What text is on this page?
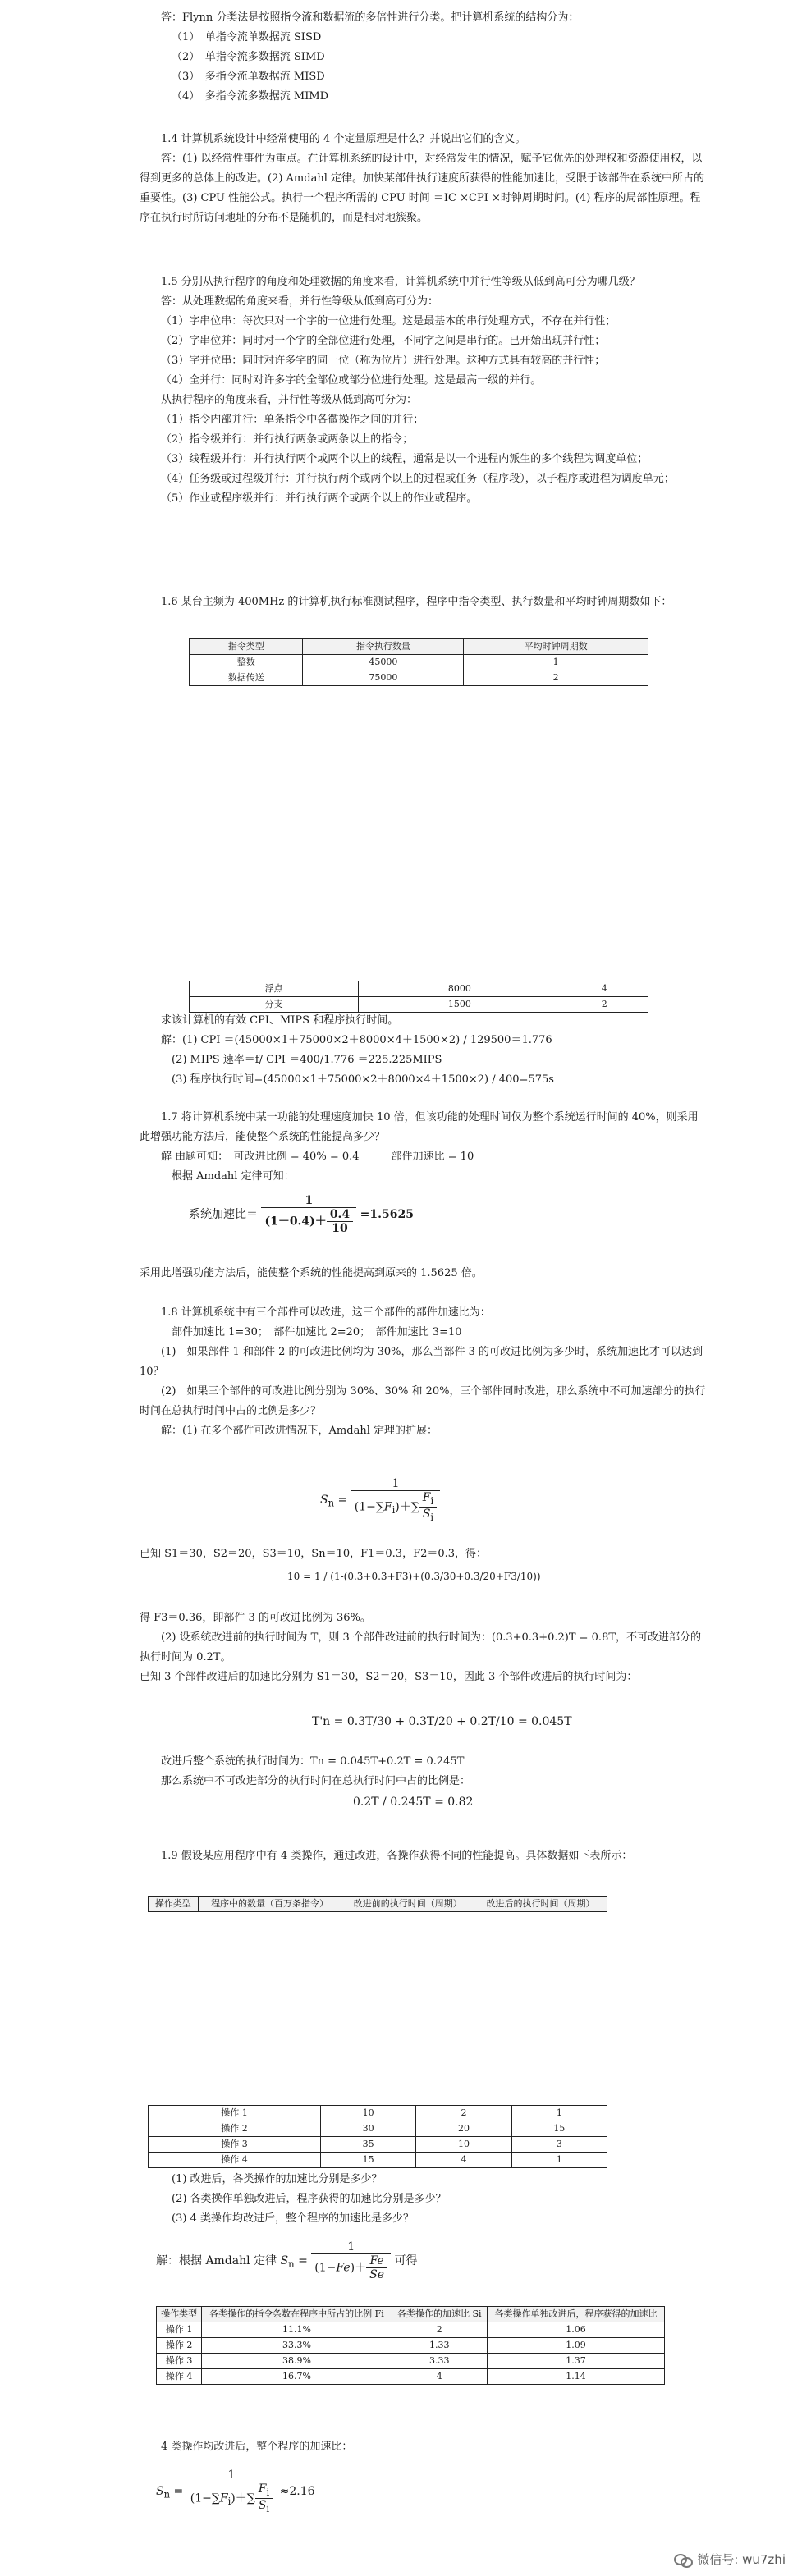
答：Flynn 分类法是按照指令流和数据流的多倍性进行分类。把计算机系统的结构分为：

（1）　单指令流单数据流 SISD

（2）　单指令流多数据流 SIMD

（3）　多指令流单数据流 MISD

（4）　多指令流多数据流 MIMD

1.4 计算机系统设计中经常使用的 4 个定量原理是什么？并说出它们的含义。

答：(1) 以经常性事件为重点。在计算机系统的设计中，对经常发生的情况，赋予它优先的处理权和资源使用权，以得到更多的总体上的改进。(2) Amdahl 定律。加快某部件执行速度所获得的性能加速比，受限于该部件在系统中所占的重要性。(3) CPU 性能公式。执行一个程序所需的 CPU 时间 ＝IC ×CPI ×时钟周期时间。(4) 程序的局部性原理。程序在执行时所访问地址的分布不是随机的，而是相对地簇聚。

1.5 分别从执行程序的角度和处理数据的角度来看，计算机系统中并行性等级从低到高可分为哪几级？

答：从处理数据的角度来看，并行性等级从低到高可分为：

（1）字串位串：每次只对一个字的一位进行处理。这是最基本的串行处理方式，不存在并行性；

（2）字串位并：同时对一个字的全部位进行处理，不同字之间是串行的。已开始出现并行性；

（3）字并位串：同时对许多字的同一位（称为位片）进行处理。这种方式具有较高的并行性；

（4）全并行：同时对许多字的全部位或部分位进行处理。这是最高一级的并行。

从执行程序的角度来看，并行性等级从低到高可分为：

（1）指令内部并行：单条指令中各微操作之间的并行；

（2）指令级并行：并行执行两条或两条以上的指令；

（3）线程级并行：并行执行两个或两个以上的线程，通常是以一个进程内派生的多个线程为调度单位；

（4）任务级或过程级并行：并行执行两个或两个以上的过程或任务（程序段），以子程序或进程为调度单元；

（5）作业或程序级并行：并行执行两个或两个以上的作业或程序。

1.6 某台主频为 400MHz 的计算机执行标准测试程序，程序中指令类型、执行数量和平均时钟周期数如下：

指令类型	指令执行数量	平均时钟周期数
整数	45000	1
数据传送	75000	2
浮点	8000	4
分支	1500	2

求该计算机的有效 CPI、MIPS 和程序执行时间。

解：(1) CPI ＝(45000×1＋75000×2＋8000×4＋1500×2) / 129500＝1.776

(2) MIPS 速率＝f/ CPI ＝400/1.776 ＝225.225MIPS

(3) 程序执行时间=(45000×1＋75000×2＋8000×4＋1500×2) / 400=575s

1.7 将计算机系统中某一功能的处理速度加快 10 倍，但该功能的处理时间仅为整个系统运行时间的 40%，则采用此增强功能方法后，能使整个系统的性能提高多少？

解 由题可知：　可改进比例 = 40% = 0.4　　　部件加速比 = 10

根据 Amdahl 定律可知：

系统加速比＝ $\frac{1}{(1-0.4)+ \frac{0.4}{10}} =1.5625$

采用此增强功能方法后，能使整个系统的性能提高到原来的 1.5625 倍。

1.8 计算机系统中有三个部件可以改进，这三个部件的部件加速比为：

部件加速比 1=30；　部件加速比 2=20；　部件加速比 3=10

(1)　如果部件 1 和部件 2 的可改进比例均为 30%，那么当部件 3 的可改进比例为多少时，系统加速比才可以达到 10？

(2)　如果三个部件的可改进比例分别为 30%、30% 和 20%，三个部件同时改进，那么系统中不可加速部分的执行时间在总执行时间中占的比例是多少？

解：(1) 在多个部件可改进情况下，Amdahl 定理的扩展：

$S_n = \frac{1}{(1-\sum F_i)+\sum \frac{F_i}{S_i}}$

已知 S1＝30，S2＝20，S3＝10，Sn＝10，F1＝0.3，F2＝0.3，得：

10 = 1 / (1-(0.3+0.3+F3)+(0.3/30+0.3/20+F3/10))

得 F3＝0.36，即部件 3 的可改进比例为 36%。

(2) 设系统改进前的执行时间为 T，则 3 个部件改进前的执行时间为：(0.3+0.3+0.2)T = 0.8T，不可改进部分的执行时间为 0.2T。

已知 3 个部件改进后的加速比分别为 S1＝30，S2＝20，S3＝10，因此 3 个部件改进后的执行时间为：

T'n = 0.3T/30 + 0.3T/20 + 0.2T/10 = 0.045T

改进后整个系统的执行时间为：Tn = 0.045T+0.2T = 0.245T

那么系统中不可改进部分的执行时间在总执行时间中占的比例是：

0.2T / 0.245T = 0.82

1.9 假设某应用程序中有 4 类操作，通过改进，各操作获得不同的性能提高。具体数据如下表所示：

操作类型	程序中的数量（百万条指令）	改进前的执行时间（周期）	改进后的执行时间（周期）
操作 1	10	2	1
操作 2	30	20	15
操作 3	35	10	3
操作 4	15	4	1

(1) 改进后，各类操作的加速比分别是多少？

(2) 各类操作单独改进后，程序获得的加速比分别是多少？

(3) 4 类操作均改进后，整个程序的加速比是多少？

解：根据 Amdahl 定律 $S_n = \frac{1}{(1-Fe)+ \frac{Fe}{Se}}$ 可得
操作类型	各类操作的指令条数在程序中所占的比例 Fi	各类操作的加速比 Si	各类操作单独改进后，程序获得的加速比
操作 1	11.1%	2	1.06
操作 2	33.3%	1.33	1.09
操作 3	38.9%	3.33	1.37
操作 4	16.7%	4	1.14

4 类操作均改进后，整个程序的加速比：

$S_n = \frac{1}{(1-\sum F_i)+\sum \frac{F_i}{S_i}} \approx 2.16$
微信号: wu7zhi
